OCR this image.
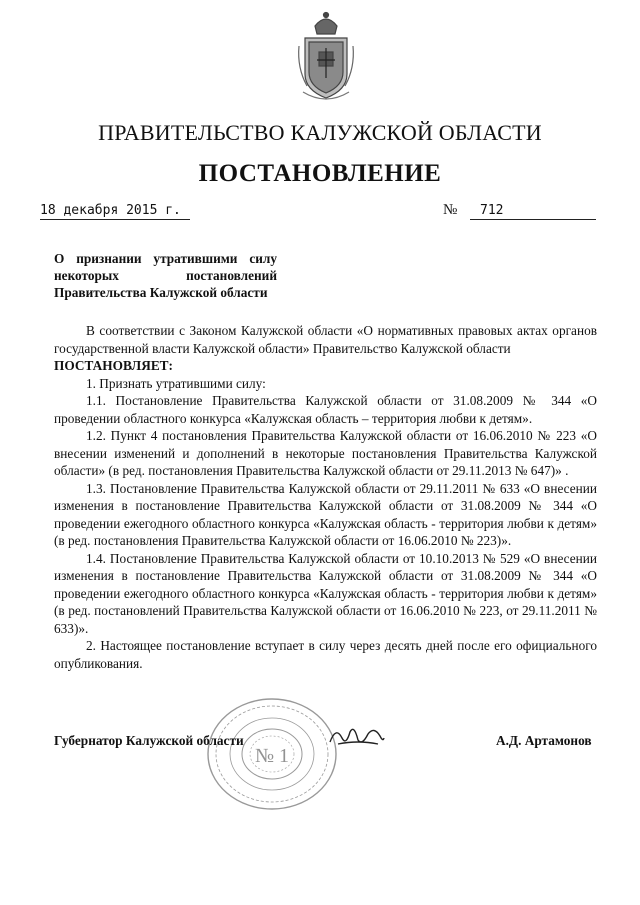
ПРАВИТЕЛЬСТВО КАЛУЖСКОЙ ОБЛАСТИ
ПОСТАНОВЛЕНИЕ
18 декабря 2015 г.	№ 712
О признании утратившими силу
некоторых постановлений
Правительства Калужской области

В соответствии с Законом Калужской области «О нормативных правовых актах органов государственной власти Калужской области» Правительство Калужской области

ПОСТАНОВЛЯЕТ:

1. Признать утратившими силу:

1.1. Постановление Правительства Калужской области от 31.08.2009 № 344 «О проведении областного конкурса «Калужская область – территория любви к детям».

1.2. Пункт 4 постановления Правительства Калужской области от 16.06.2010 № 223 «О внесении изменений и дополнений в некоторые постановления Правительства Калужской области» (в ред. постановления Правительства Калужской области от 29.11.2013 № 647)» .

1.3. Постановление Правительства Калужской области от 29.11.2011 № 633 «О внесении изменения в постановление Правительства Калужской области от 31.08.2009 № 344 «О проведении ежегодного областного конкурса «Калужская область - территория любви к детям» (в ред. постановления Правительства Калужской области от 16.06.2010 № 223)».

1.4. Постановление Правительства Калужской области от 10.10.2013 № 529 «О внесении изменения в постановление Правительства Калужской области от 31.08.2009 № 344 «О проведении ежегодного областного конкурса «Калужская область - территория любви к детям» (в ред. постановлений Правительства Калужской области от 16.06.2010 № 223, от 29.11.2011 № 633)».

2. Настоящее постановление вступает в силу через десять дней после его официального опубликования.

№ 1
Губернатор Калужской области	А.Д. Артамонов
